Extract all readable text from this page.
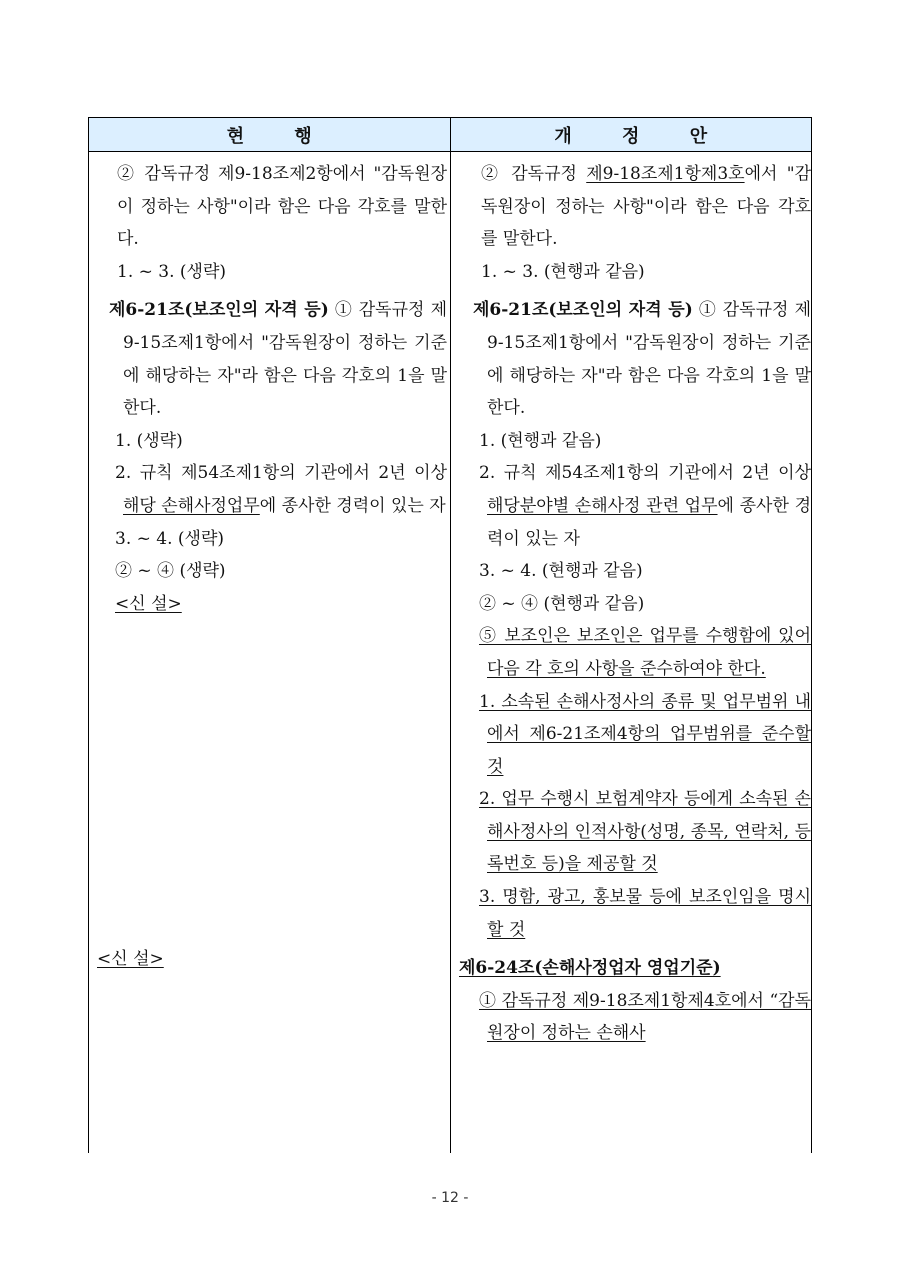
현 행	개 정 안

② 감독규정 제9-18조제2항에서 "감독원장이 정하는 사항"이라 함은 다음 각호를 말한다.

1. ~ 3. (생략)

제6-21조(보조인의 자격 등) ① 감독규정 제9-15조제1항에서 "감독원장이 정하는 기준에 해당하는 자"라 함은 다음 각호의 1을 말한다.

1. (생략)

2. 규칙 제54조제1항의 기관에서 2년 이상 해당 손해사정업무에 종사한 경력이 있는 자

3. ~ 4. (생략)

② ~ ④ (생략)

<신 설>

<신 설>

② 감독규정 제9-18조제1항제3호에서 "감독원장이 정하는 사항"이라 함은 다음 각호를 말한다.

1. ~ 3. (현행과 같음)

제6-21조(보조인의 자격 등) ① 감독규정 제9-15조제1항에서 "감독원장이 정하는 기준에 해당하는 자"라 함은 다음 각호의 1을 말한다.

1. (현행과 같음)

2. 규칙 제54조제1항의 기관에서 2년 이상 해당분야별 손해사정 관련 업무에 종사한 경력이 있는 자

3. ~ 4. (현행과 같음)

② ~ ④ (현행과 같음)

⑤ 보조인은 보조인은 업무를 수행함에 있어 다음 각 호의 사항을 준수하여야 한다.

1. 소속된 손해사정사의 종류 및 업무범위 내에서 제6-21조제4항의 업무범위를 준수할 것

2. 업무 수행시 보험계약자 등에게 소속된 손해사정사의 인적사항(성명, 종목, 연락처, 등록번호 등)을 제공할 것

3. 명함, 광고, 홍보물 등에 보조인임을 명시할 것

제6-24조(손해사정업자 영업기준)

① 감독규정 제9-18조제1항제4호에서 “감독원장이 정하는 손해사

- 12 -
